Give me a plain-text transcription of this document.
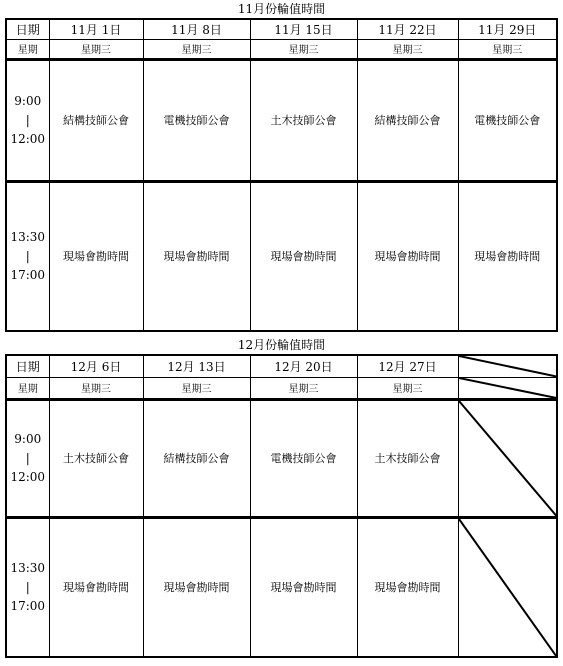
11月份輪值時間
日期	11月 1日	11月 8日	11月 15日	11月 22日	11月 29日
星期	星期三	星期三	星期三	星期三	星期三

9:00
|
12:00	結構技師公會	電機技師公會	土木技師公會	結構技師公會	電機技師公會

13:30
|
17:00	現場會勘時間	現場會勘時間	現場會勘時間	現場會勘時間	現場會勘時間
12月份輪值時間
日期	12月 6日	12月 13日	12月 20日	12月 27日	

星期	星期三	星期三	星期三	星期三	

9:00
|
12:00	土木技師公會	結構技師公會	電機技師公會	土木技師公會	

13:30
|
17:00	現場會勘時間	現場會勘時間	現場會勘時間	現場會勘時間	
